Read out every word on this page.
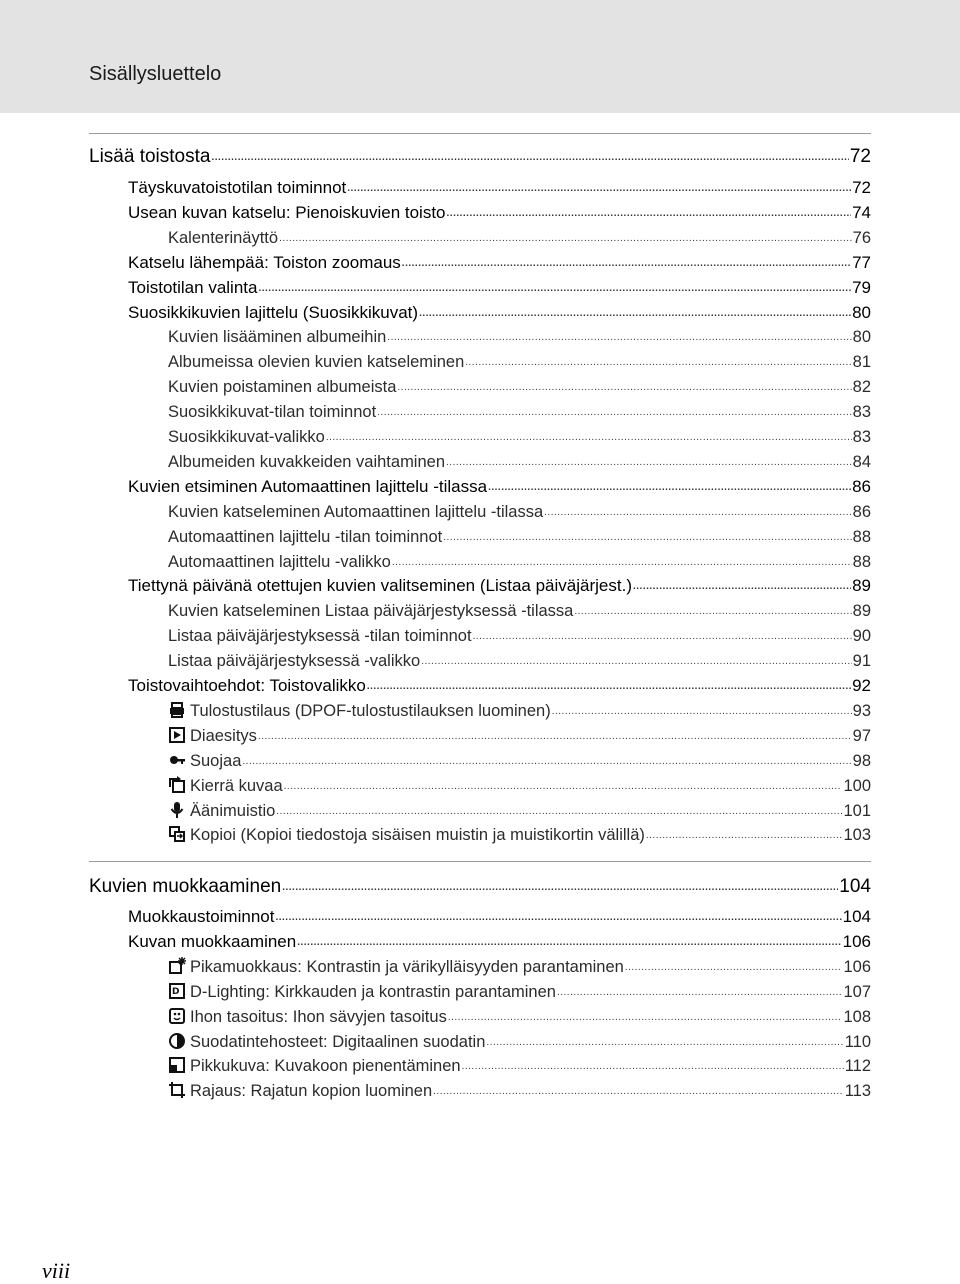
Sisällysluettelo
Lisää toistosta .....	72
Täyskuvatoistotilan toiminnot .....	72
Usean kuvan katselu: Pienoiskuvien toisto .....	74
Kalenterinäyttö .....	76
Katselu lähempää: Toiston zoomaus .....	77
Toistotilan valinta .....	79
Suosikkikuvien lajittelu (Suosikkikuvat) .....	80
Kuvien lisääminen albumeihin .....	80
Albumeissa olevien kuvien katseleminen .....	81
Kuvien poistaminen albumeista .....	82
Suosikkikuvat-tilan toiminnot .....	83
Suosikkikuvat-valikko .....	83
Albumeiden kuvakkeiden vaihtaminen .....	84
Kuvien etsiminen Automaattinen lajittelu -tilassa .....	86
Kuvien katseleminen Automaattinen lajittelu -tilassa .....	86
Automaattinen lajittelu -tilan toiminnot .....	88
Automaattinen lajittelu -valikko .....	88
Tiettynä päivänä otettujen kuvien valitseminen (Listaa päiväjärjest.) .....	89
Kuvien katseleminen Listaa päiväjärjestyksessä -tilassa .....	89
Listaa päiväjärjestyksessä -tilan toiminnot .....	90
Listaa päiväjärjestyksessä -valikko .....	91
Toistovaihtoehdot: Toistovalikko .....	92
Tulostustilaus (DPOF-tulostustilauksen luominen) .....	93
Diaesitys .....	97
Suojaa .....	98
Kierrä kuvaa .....	100
Äänimuistio .....	101
Kopioi (Kopioi tiedostoja sisäisen muistin ja muistikortin välillä) .....	103
Kuvien muokkaaminen .....	104
Muokkaustoiminnot .....	104
Kuvan muokkaaminen .....	106
Pikamuokkaus: Kontrastin ja värikylläisyyden parantaminen .....	106
D D-Lighting: Kirkkauden ja kontrastin parantaminen .....	107
Ihon tasoitus: Ihon sävyjen tasoitus .....	108
Suodatintehosteet: Digitaalinen suodatin .....	110
Pikkukuva: Kuvakoon pienentäminen .....	112
Rajaus: Rajatun kopion luominen .....	113
viii
